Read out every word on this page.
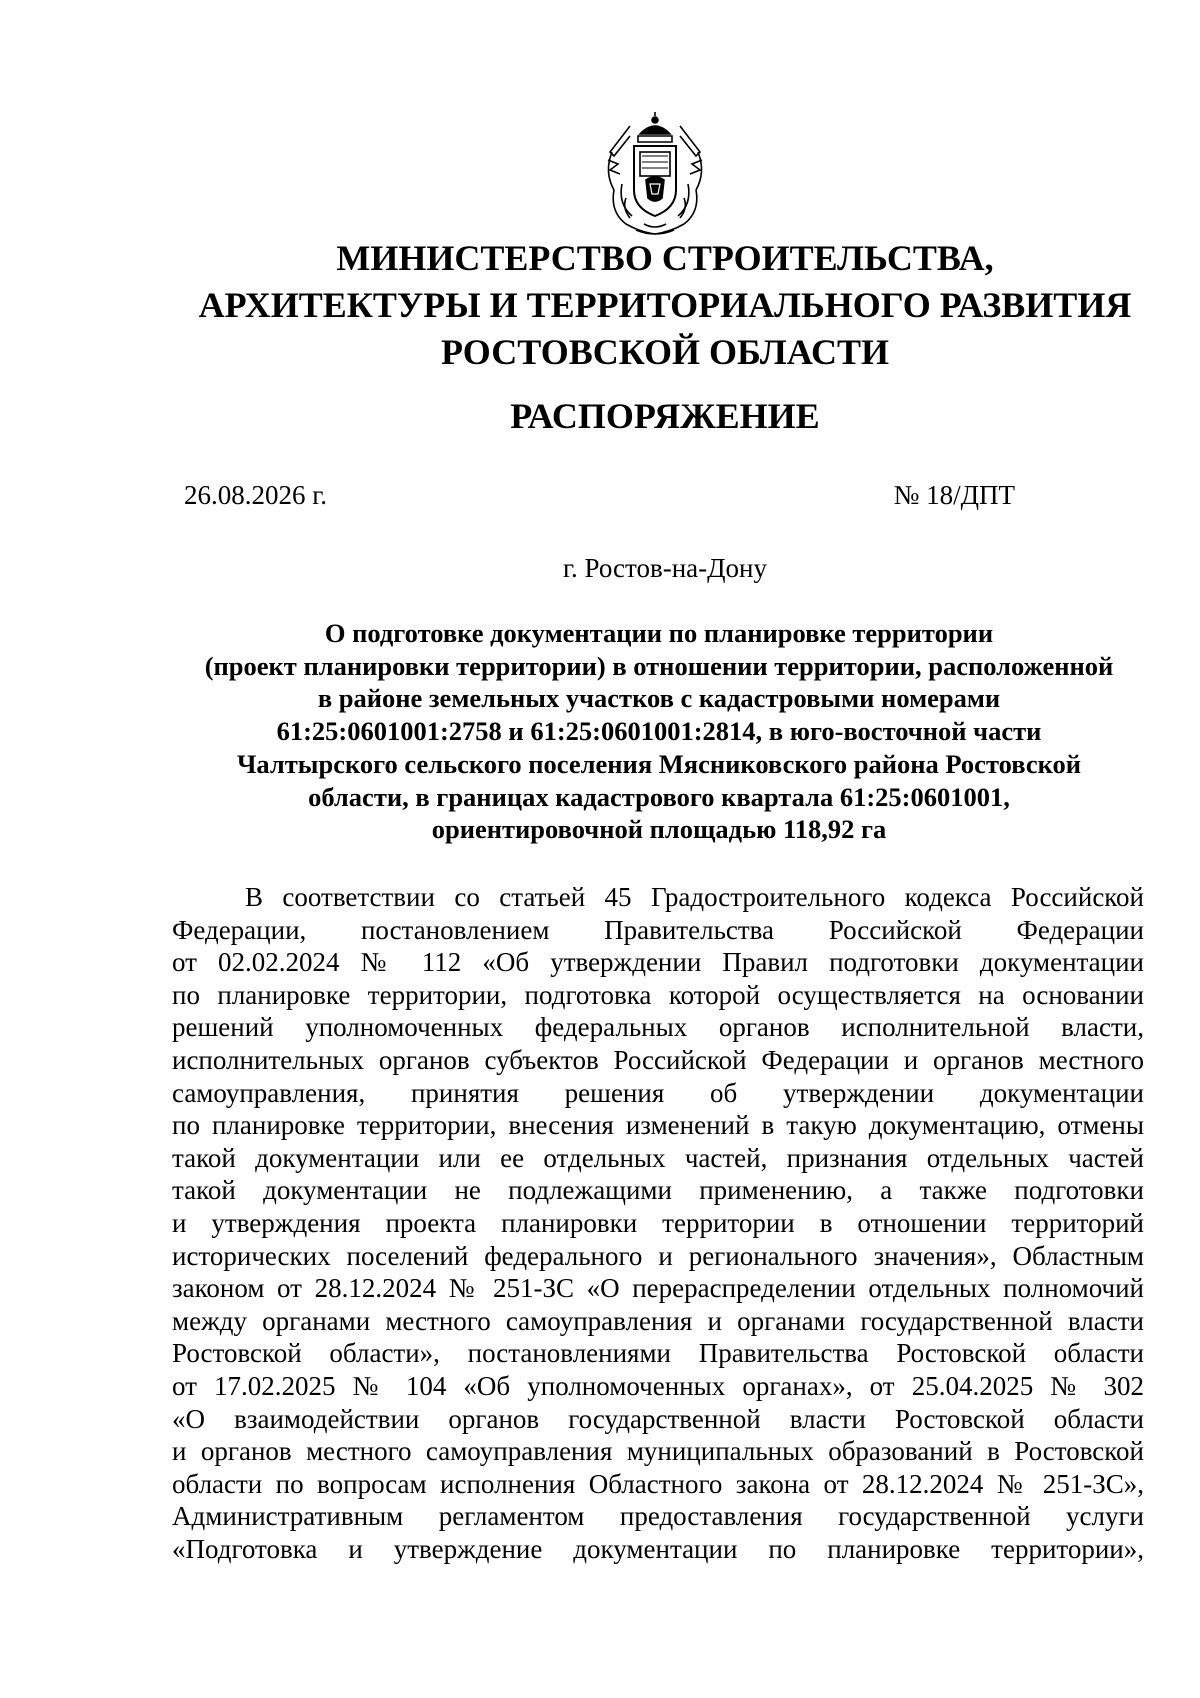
МИНИСТЕРСТВО СТРОИТЕЛЬСТВА,
АРХИТЕКТУРЫ И ТЕРРИТОРИАЛЬНОГО РАЗВИТИЯ
РОСТОВСКОЙ ОБЛАСТИ
РАСПОРЯЖЕНИЕ
26.08.2026 г.	№ 18/ДПТ
г. Ростов-на-Дону
О подготовке документации по планировке территории
(проект планировки территории) в отношении территории, расположенной
в районе земельных участков с кадастровыми номерами
61:25:0601001:2758 и 61:25:0601001:2814, в юго-восточной части
Чалтырского сельского поселения Мясниковского района Ростовской
области, в границах кадастрового квартала 61:25:0601001,
ориентировочной площадью 118,92 га
В соответствии со статьей 45 Градостроительного кодекса Российской
Федерации, постановлением Правительства Российской Федерации
от 02.02.2024 № 112 «Об утверждении Правил подготовки документации
по планировке территории, подготовка которой осуществляется на основании
решений уполномоченных федеральных органов исполнительной власти,
исполнительных органов субъектов Российской Федерации и органов местного
самоуправления, принятия решения об утверждении документации
по планировке территории, внесения изменений в такую документацию, отмены
такой документации или ее отдельных частей, признания отдельных частей
такой документации не подлежащими применению, а также подготовки
и утверждения проекта планировки территории в отношении территорий
исторических поселений федерального и регионального значения», Областным
законом от 28.12.2024 № 251-ЗС «О перераспределении отдельных полномочий
между органами местного самоуправления и органами государственной власти
Ростовской области», постановлениями Правительства Ростовской области
от 17.02.2025 № 104 «Об уполномоченных органах», от 25.04.2025 № 302
«О взаимодействии органов государственной власти Ростовской области
и органов местного самоуправления муниципальных образований в Ростовской
области по вопросам исполнения Областного закона от 28.12.2024 № 251-ЗС»,
Административным регламентом предоставления государственной услуги
«Подготовка и утверждение документации по планировке территории»,
